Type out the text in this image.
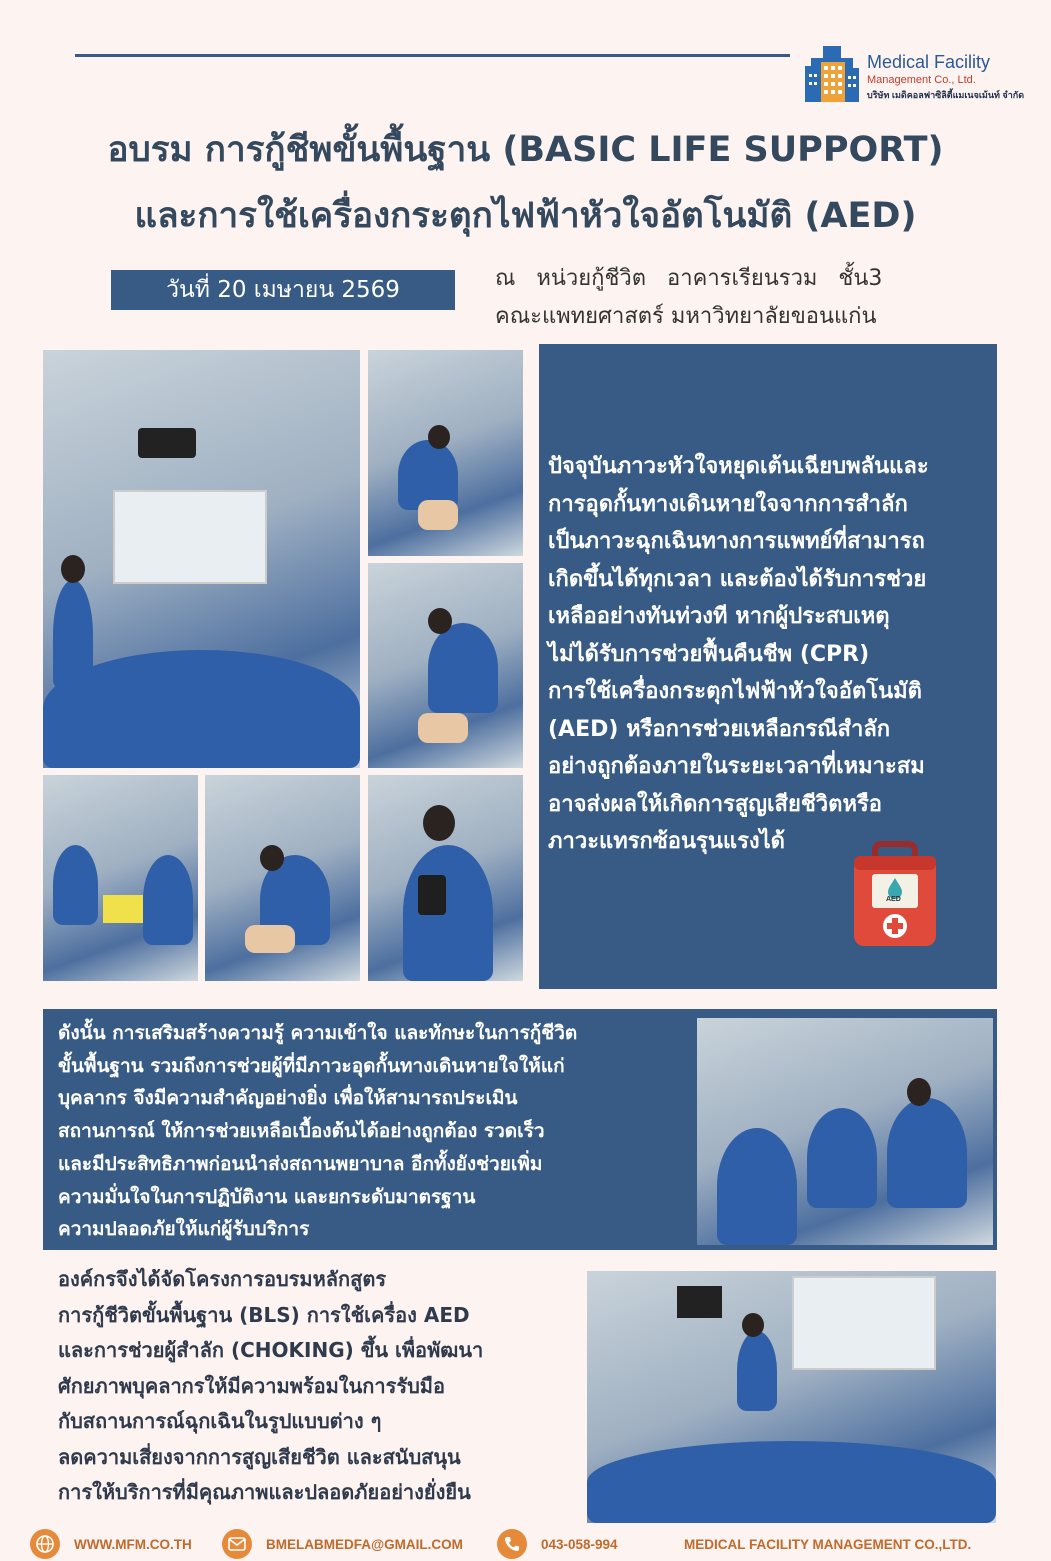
Medical Facility
Management Co., Ltd.
บริษัท เมดิคอลฟาซิลิตี้แมเนจเม้นท์ จำกัด
อบรม การกู้ชีพขั้นพื้นฐาน (BASIC LIFE SUPPORT)
และการใช้เครื่องกระตุกไฟฟ้าหัวใจอัตโนมัติ (AED)
วันที่ 20 เมษายน 2569	ณ   หน่วยกู้ชีวิต   อาคารเรียนรวม   ชั้น3
คณะแพทยศาสตร์ มหาวิทยาลัยขอนแก่น
ปัจจุบันภาวะหัวใจหยุดเต้นเฉียบพลันและ
การอุดกั้นทางเดินหายใจจากการสำลัก
เป็นภาวะฉุกเฉินทางการแพทย์ที่สามารถ
เกิดขึ้นได้ทุกเวลา และต้องได้รับการช่วย
เหลืออย่างทันท่วงที หากผู้ประสบเหตุ
ไม่ได้รับการช่วยฟื้นคืนชีพ (CPR)
การใช้เครื่องกระตุกไฟฟ้าหัวใจอัตโนมัติ
(AED) หรือการช่วยเหลือกรณีสำลัก
อย่างถูกต้องภายในระยะเวลาที่เหมาะสม
อาจส่งผลให้เกิดการสูญเสียชีวิตหรือ
ภาวะแทรกซ้อนรุนแรงได้
AED
ดังนั้น การเสริมสร้างความรู้ ความเข้าใจ และทักษะในการกู้ชีวิต
ขั้นพื้นฐาน รวมถึงการช่วยผู้ที่มีภาวะอุดกั้นทางเดินหายใจให้แก่
บุคลากร จึงมีความสำคัญอย่างยิ่ง เพื่อให้สามารถประเมิน
สถานการณ์ ให้การช่วยเหลือเบื้องต้นได้อย่างถูกต้อง รวดเร็ว
และมีประสิทธิภาพก่อนนำส่งสถานพยาบาล อีกทั้งยังช่วยเพิ่ม
ความมั่นใจในการปฏิบัติงาน และยกระดับมาตรฐาน
ความปลอดภัยให้แก่ผู้รับบริการ
องค์กรจึงได้จัดโครงการอบรมหลักสูตร
การกู้ชีวิตขั้นพื้นฐาน (BLS) การใช้เครื่อง AED
และการช่วยผู้สำลัก (CHOKING) ขึ้น เพื่อพัฒนา
ศักยภาพบุคลากรให้มีความพร้อมในการรับมือ
กับสถานการณ์ฉุกเฉินในรูปแบบต่าง ๆ
ลดความเสี่ยงจากการสูญเสียชีวิต และสนับสนุน
การให้บริการที่มีคุณภาพและปลอดภัยอย่างยั่งยืน
WWW.MFM.CO.TH	BMELABMEDFA@GMAIL.COM	043-058-994	MEDICAL FACILITY MANAGEMENT CO.,LTD.
